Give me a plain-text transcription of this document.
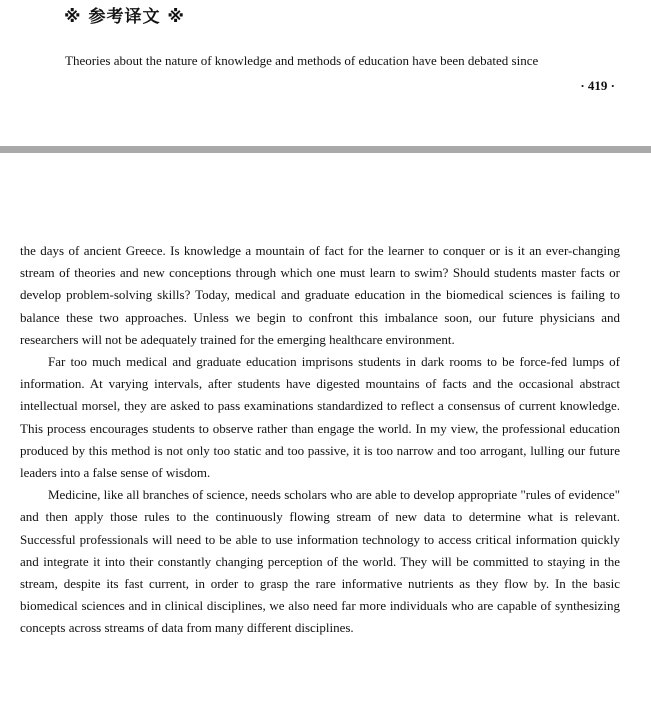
※ 参考译文 ※
Theories about the nature of knowledge and methods of education have been debated since
· 419 ·

the days of ancient Greece. Is knowledge a mountain of fact for the learner to conquer or is it an ever-changing stream of theories and new conceptions through which one must learn to swim? Should students master facts or develop problem-solving skills? Today, medical and graduate education in the biomedical sciences is failing to balance these two approaches. Unless we begin to confront this imbalance soon, our future physicians and researchers will not be adequately trained for the emerging healthcare environment.

Far too much medical and graduate education imprisons students in dark rooms to be force-fed lumps of information. At varying intervals, after students have digested mountains of facts and the occasional abstract intellectual morsel, they are asked to pass examinations standardized to reflect a consensus of current knowledge. This process encourages students to observe rather than engage the world. In my view, the professional education produced by this method is not only too static and too passive, it is too narrow and too arrogant, lulling our future leaders into a false sense of wisdom.

Medicine, like all branches of science, needs scholars who are able to develop appropriate "rules of evidence" and then apply those rules to the continuously flowing stream of new data to determine what is relevant. Successful professionals will need to be able to use information technology to access critical information quickly and integrate it into their constantly changing perception of the world. They will be committed to staying in the stream, despite its fast current, in order to grasp the rare informative nutrients as they flow by. In the basic biomedical sciences and in clinical disciplines, we also need far more individuals who are capable of synthesizing concepts across streams of data from many different disciplines.
